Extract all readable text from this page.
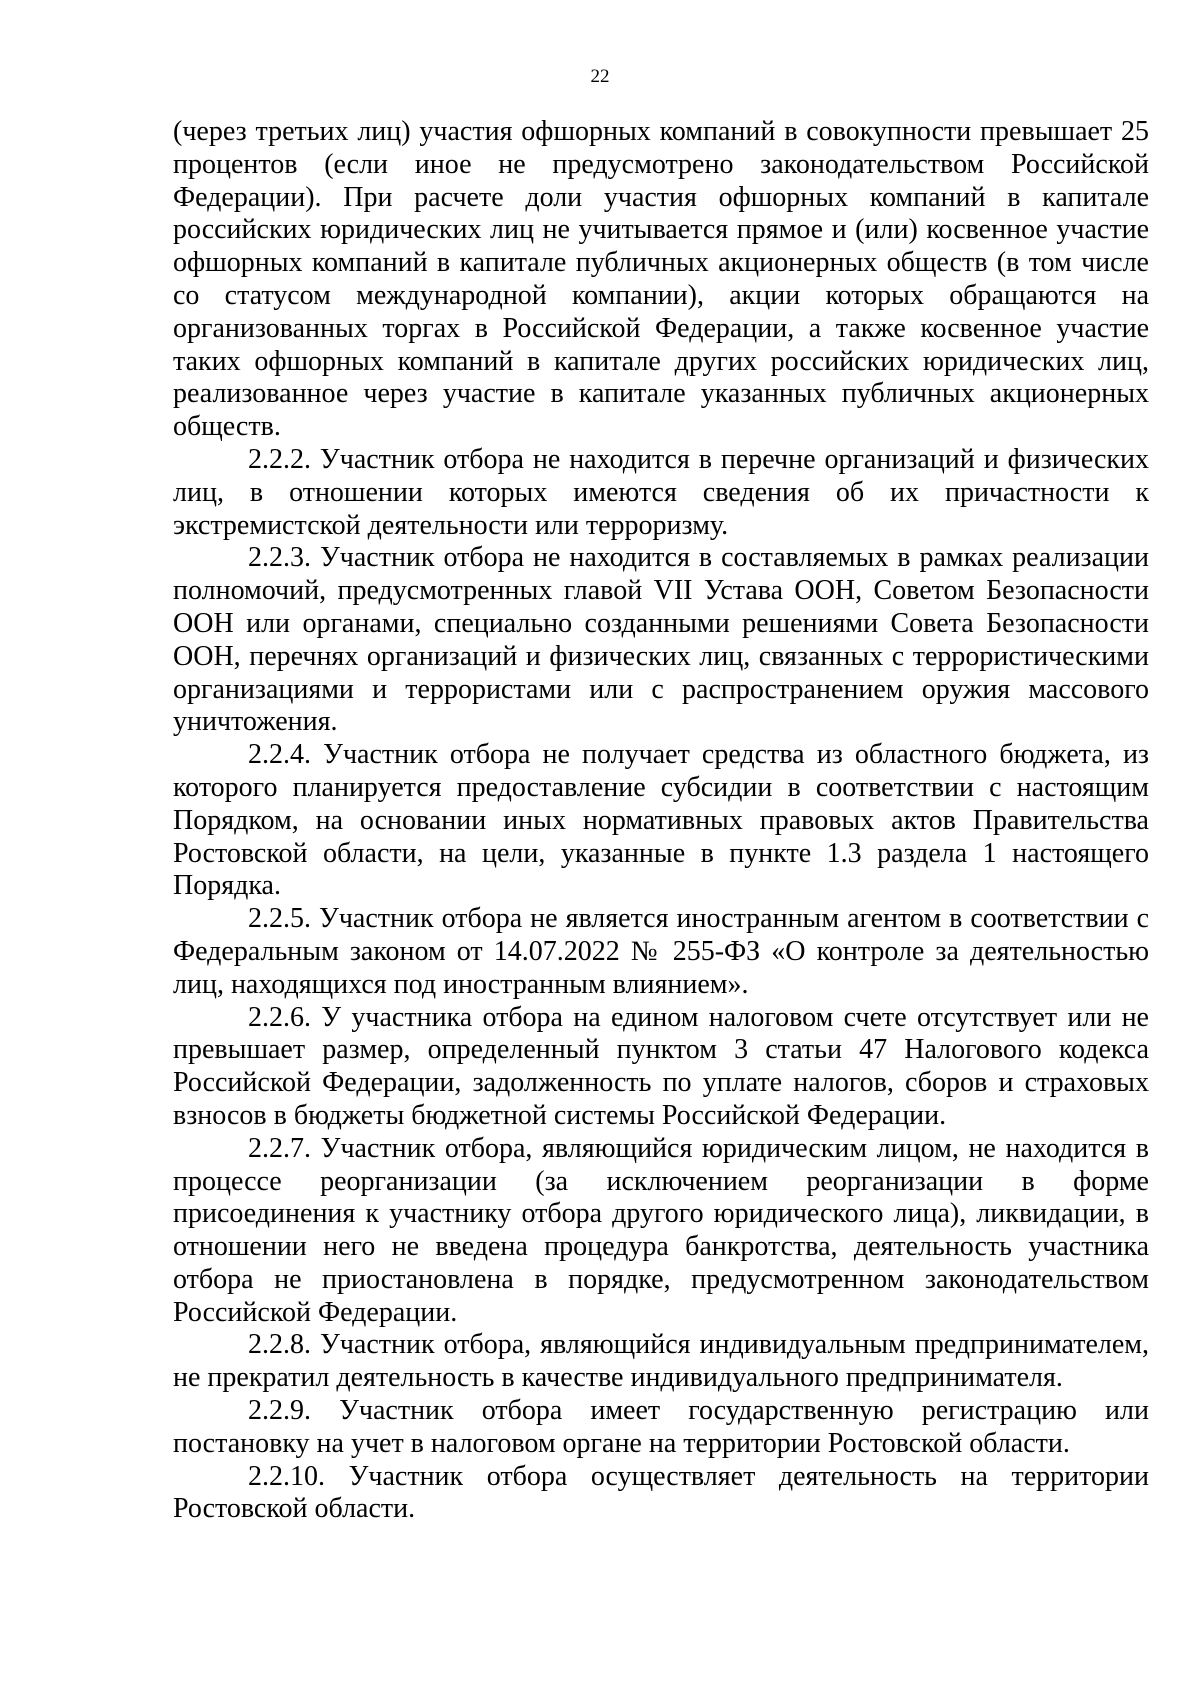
22

(через третьих лиц) участия офшорных компаний в совокупности превышает 25 процентов (если иное не предусмотрено законодательством Российской Федерации). При расчете доли участия офшорных компаний в капитале российских юридических лиц не учитывается прямое и (или) косвенное участие офшорных компаний в капитале публичных акционерных обществ (в том числе со статусом международной компании), акции которых обращаются на организованных торгах в Российской Федерации, а также косвенное участие таких офшорных компаний в капитале других российских юридических лиц, реализованное через участие в капитале указанных публичных акционерных обществ.

2.2.2. Участник отбора не находится в перечне организаций и физических лиц, в отношении которых имеются сведения об их причастности к экстремистской деятельности или терроризму.

2.2.3. Участник отбора не находится в составляемых в рамках реализации полномочий, предусмотренных главой VII Устава ООН, Советом Безопасности ООН или органами, специально созданными решениями Совета Безопасности ООН, перечнях организаций и физических лиц, связанных с террористическими организациями и террористами или с распространением оружия массового уничтожения.

2.2.4. Участник отбора не получает средства из областного бюджета, из которого планируется предоставление субсидии в соответствии с настоящим Порядком, на основании иных нормативных правовых актов Правительства Ростовской области, на цели, указанные в пункте 1.3 раздела 1 настоящего Порядка.

2.2.5. Участник отбора не является иностранным агентом в соответствии с Федеральным законом от 14.07.2022 № 255-ФЗ «О контроле за деятельностью лиц, находящихся под иностранным влиянием».

2.2.6. У участника отбора на едином налоговом счете отсутствует или не превышает размер, определенный пунктом 3 статьи 47 Налогового кодекса Российской Федерации, задолженность по уплате налогов, сборов и страховых взносов в бюджеты бюджетной системы Российской Федерации.

2.2.7. Участник отбора, являющийся юридическим лицом, не находится в процессе реорганизации (за исключением реорганизации в форме присоединения к участнику отбора другого юридического лица), ликвидации, в отношении него не введена процедура банкротства, деятельность участника отбора не приостановлена в порядке, предусмотренном законодательством Российской Федерации.

2.2.8. Участник отбора, являющийся индивидуальным предпринимателем, не прекратил деятельность в качестве индивидуального предпринимателя.

2.2.9. Участник отбора имеет государственную регистрацию или постановку на учет в налоговом органе на территории Ростовской области.

2.2.10. Участник отбора осуществляет деятельность на территории Ростовской области.
